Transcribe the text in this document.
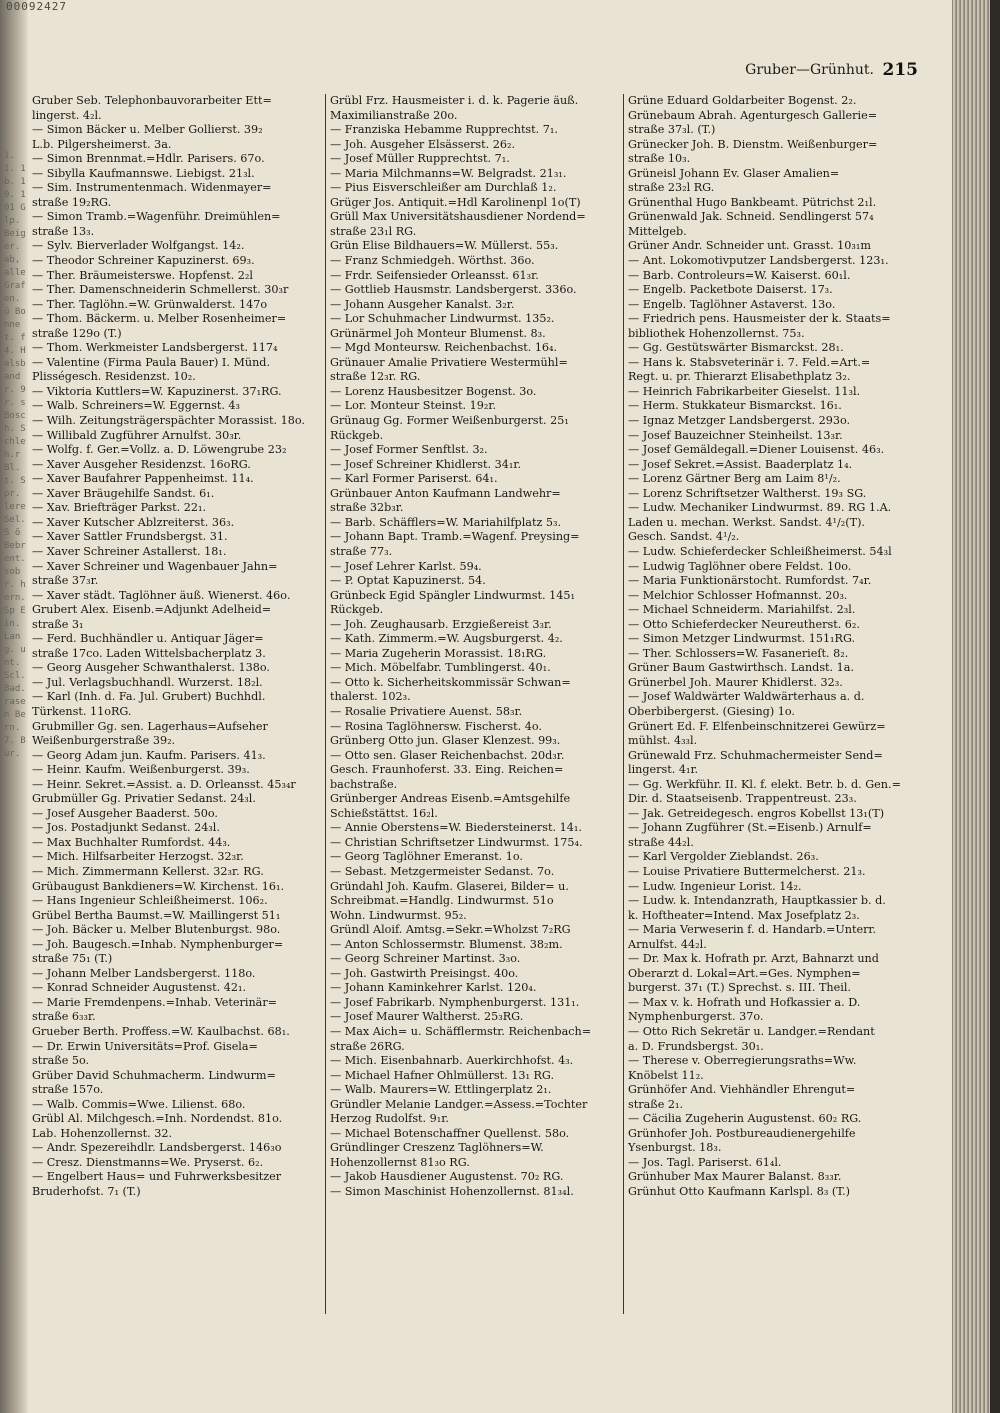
1. 1. 1b. 10. 101 Glp. Beiger. ab, alle Grafen. ü Bonnet. f 4. Halsbandr. 9r. s Bosch. Schleh.r Bl.t. Spr. lere Sel. S ö Bebrent. sobr. hern. Sp Ein. Lang. unt. Scl. Bad. rasen Bern. 7. Bur.
00092427
Gruber—Grünhut. 215
Gruber Seb. Telephonbauvorarbeiter Ett=
lingerst. 4₂l.
— Simon Bäcker u. Melber Gollierst. 39₂
L.b. Pilgersheimerst. 3a.
— Simon Brennmat.=Hdlr. Parisers. 67o.
— Sibylla Kaufmannswe. Liebigst. 21₃l.
— Sim. Instrumentenmach. Widenmayer=
straße 19₂RG.
— Simon Tramb.=Wagenführ. Dreimühlen=
straße 13₃.
— Sylv. Bierverlader Wolfgangst. 14₂.
— Theodor Schreiner Kapuzinerst. 69₃.
— Ther. Bräumeisterswe. Hopfenst. 2₂l
— Ther. Damenschneiderin Schmellerst. 30₃r
— Ther. Taglöhn.=W. Grünwalderst. 147o
— Thom. Bäckerm. u. Melber Rosenheimer=
straße 129o (T.)
— Thom. Werkmeister Landsbergerst. 117₄
— Valentine (Firma Paula Bauer) I. Münd.
Plisségesch. Residenzst. 10₂.
— Viktoria Kuttlers=W. Kapuzinerst. 37₁RG.
— Walb. Schreiners=W. Eggernst. 4₃
— Wilh. Zeitungsträgerspächter Morassist. 18o.
— Willibald Zugführer Arnulfst. 30₃r.
— Wolfg. f. Ger.=Vollz. a. D. Löwengrube 23₂
— Xaver Ausgeher Residenzst. 16oRG.
— Xaver Baufahrer Pappenheimst. 11₄.
— Xaver Bräugehilfe Sandst. 6₁.
— Xav. Briefträger Parkst. 22₁.
— Xaver Kutscher Ablzreiterst. 36₃.
— Xaver Sattler Frundsbergst. 31.
— Xaver Schreiner Astallerst. 18₁.
— Xaver Schreiner und Wagenbauer Jahn=
straße 37₃r.
— Xaver städt. Taglöhner äuß. Wienerst. 46o.
Grubert Alex. Eisenb.=Adjunkt Adelheid=
straße 3₁
— Ferd. Buchhändler u. Antiquar Jäger=
straße 17co. Laden Wittelsbacherplatz 3.
— Georg Ausgeher Schwanthalerst. 138o.
— Jul. Verlagsbuchhandl. Wurzerst. 18₂l.
— Karl (Inh. d. Fa. Jul. Grubert) Buchhdl.
Türkenst. 11oRG.
Grubmiller Gg. sen. Lagerhaus=Aufseher
Weißenburgerstraße 39₂.
— Georg Adam jun. Kaufm. Parisers. 41₃.
— Heinr. Kaufm. Weißenburgerst. 39₃.
— Heinr. Sekret.=Assist. a. D. Orleansst. 45₃₄r
Grubmüller Gg. Privatier Sedanst. 24₃l.
— Josef Ausgeher Baaderst. 50o.
— Jos. Postadjunkt Sedanst. 24₃l.
— Max Buchhalter Rumfordst. 44₃.
— Mich. Hilfsarbeiter Herzogst. 32₃r.
— Mich. Zimmermann Kellerst. 32₃r. RG.
Grübaugust Bankdieners=W. Kirchenst. 16₁.
— Hans Ingenieur Schleißheimerst. 106₂.
Grübel Bertha Baumst.=W. Maillingerst 51₁
— Joh. Bäcker u. Melber Blutenburgst. 98o.
— Joh. Baugesch.=Inhab. Nymphenburger=
straße 75₁ (T.)
— Johann Melber Landsbergerst. 118o.
— Konrad Schneider Augustenst. 42₁.
— Marie Fremdenpens.=Inhab. Veterinär=
straße 6₃₃r.
Grueber Berth. Proffess.=W. Kaulbachst. 68₁.
— Dr. Erwin Universitäts=Prof. Gisela=
straße 5o.
Grüber David Schuhmacherm. Lindwurm=
straße 157o.
— Walb. Commis=Wwe. Lilienst. 68o.
Grübl Al. Milchgesch.=Inh. Nordendst. 81o.
Lab. Hohenzollernst. 32.
— Andr. Spezereihdlr. Landsbergerst. 146₃o
— Cresz. Dienstmanns=We. Pryserst. 6₂.
— Engelbert Haus= und Fuhrwerksbesitzer
Bruderhofst. 7₁ (T.)
Grübl Frz. Hausmeister i. d. k. Pagerie äuß.
Maximilianstraße 20o.
— Franziska Hebamme Rupprechtst. 7₁.
— Joh. Ausgeher Elsässerst. 26₂.
— Josef Müller Rupprechtst. 7₁.
— Maria Milchmanns=W. Belgradst. 21₃₁.
— Pius Eisverschleißer am Durchlaß 1₂.
Grüger Jos. Antiquit.=Hdl Karolinenpl 1o(T)
Grüll Max Universitätshausdiener Nordend=
straße 23₁l RG.
Grün Elise Bildhauers=W. Müllerst. 55₃.
— Franz Schmiedgeh. Wörthst. 36o.
— Frdr. Seifensieder Orleansst. 61₃r.
— Gottlieb Hausmstr. Landsbergerst. 336o.
— Johann Ausgeher Kanalst. 3₂r.
— Lor Schuhmacher Lindwurmst. 135₂.
Grünärmel Joh Monteur Blumenst. 8₃.
— Mgd Monteursw. Reichenbachst. 16₄.
Grünauer Amalie Privatiere Westermühl=
straße 12₃r. RG.
— Lorenz Hausbesitzer Bogenst. 3o.
— Lor. Monteur Steinst. 19₂r.
Grünaug Gg. Former Weißenburgerst. 25₁
Rückgeb.
— Josef Former Senftlst. 3₂.
— Josef Schreiner Khidlerst. 34₁r.
— Karl Former Pariserst. 64₁.
Grünbauer Anton Kaufmann Landwehr=
straße 32b₃r.
— Barb. Schäfflers=W. Mariahilfplatz 5₃.
— Johann Bapt. Tramb.=Wagenf. Preysing=
straße 77₃.
— Josef Lehrer Karlst. 59₄.
— P. Optat Kapuzinerst. 54.
Grünbeck Egid Spängler Lindwurmst. 145₁
Rückgeb.
— Joh. Zeughausarb. Erzgießereist 3₃r.
— Kath. Zimmerm.=W. Augsburgerst. 4₂.
— Maria Zugeherin Morassist. 18₁RG.
— Mich. Möbelfabr. Tumblingerst. 40₁.
— Otto k. Sicherheitskommissär Schwan=
thalerst. 102₃.
— Rosalie Privatiere Auenst. 58₃r.
— Rosina Taglöhnersw. Fischerst. 4o.
Grünberg Otto jun. Glaser Klenzest. 99₃.
— Otto sen. Glaser Reichenbachst. 20d₃r.
Gesch. Fraunhoferst. 33. Eing. Reichen=
bachstraße.
Grünberger Andreas Eisenb.=Amtsgehilfe
Schießstättst. 16₂l.
— Annie Oberstens=W. Biedersteinerst. 14₁.
— Christian Schriftsetzer Lindwurmst. 175₄.
— Georg Taglöhner Emeranst. 1o.
— Sebast. Metzgermeister Sedanst. 7o.
Gründahl Joh. Kaufm. Glaserei, Bilder= u.
Schreibmat.=Handlg. Lindwurmst. 51o
Wohn. Lindwurmst. 95₂.
Gründl Aloif. Amtsg.=Sekr.=Wholzst 7₂RG
— Anton Schlossermstr. Blumenst. 38₂m.
— Georg Schreiner Martinst. 3₃o.
— Joh. Gastwirth Preisingst. 40o.
— Johann Kaminkehrer Karlst. 120₄.
— Josef Fabrikarb. Nymphenburgerst. 131₁.
— Josef Maurer Waltherst. 25₃RG.
— Max Aich= u. Schäfflermstr. Reichenbach=
straße 26RG.
— Mich. Eisenbahnarb. Auerkirchhofst. 4₃.
— Michael Hafner Ohlmüllerst. 13₁ RG.
— Walb. Maurers=W. Ettlingerplatz 2₁.
Gründler Melanie Landger.=Assess.=Tochter
Herzog Rudolfst. 9₁r.
— Michael Botenschaffner Quellenst. 58o.
Gründlinger Creszenz Taglöhners=W.
Hohenzollernst 81₃o RG.
— Jakob Hausdiener Augustenst. 70₂ RG.
— Simon Maschinist Hohenzollernst. 81₃₄l.
Grüne Eduard Goldarbeiter Bogenst. 2₂.
Grünebaum Abrah. Agenturgesch Gallerie=
straße 37₃l. (T.)
Grünecker Joh. B. Dienstm. Weißenburger=
straße 10₃.
Grüneisl Johann Ev. Glaser Amalien=
straße 23₂l RG.
Grünenthal Hugo Bankbeamt. Pütrichst 2₁l.
Grünenwald Jak. Schneid. Sendlingerst 57₄
Mittelgeb.
Grüner Andr. Schneider unt. Grasst. 10₃₁m
— Ant. Lokomotivputzer Landsbergerst. 123₁.
— Barb. Controleurs=W. Kaiserst. 60₁l.
— Engelb. Packetbote Daiserst. 17₃.
— Engelb. Taglöhner Astaverst. 13o.
— Friedrich pens. Hausmeister der k. Staats=
bibliothek Hohenzollernst. 75₃.
— Gg. Gestütswärter Bismarckst. 28₁.
— Hans k. Stabsveterinär i. 7. Feld.=Art.=
Regt. u. pr. Thierarzt Elisabethplatz 3₂.
— Heinrich Fabrikarbeiter Gieselst. 11₃l.
— Herm. Stukkateur Bismarckst. 16₁.
— Ignaz Metzger Landsbergerst. 293o.
— Josef Bauzeichner Steinheilst. 13₃r.
— Josef Gemäldegall.=Diener Louisenst. 46₃.
— Josef Sekret.=Assist. Baaderplatz 1₄.
— Lorenz Gärtner Berg am Laim 8¹/₂.
— Lorenz Schriftsetzer Waltherst. 19₃ SG.
— Ludw. Mechaniker Lindwurmst. 89. RG 1.A.
Laden u. mechan. Werkst. Sandst. 4¹/₂(T).
Gesch. Sandst. 4¹/₂.
— Ludw. Schieferdecker Schleißheimerst. 54₃l
— Ludwig Taglöhner obere Feldst. 10o.
— Maria Funktionärstocht. Rumfordst. 7₄r.
— Melchior Schlosser Hofmannst. 20₃.
— Michael Schneiderm. Mariahilfst. 2₃l.
— Otto Schieferdecker Neureutherst. 6₂.
— Simon Metzger Lindwurmst. 151₁RG.
— Ther. Schlossers=W. Fasanerieſt. 8₂.
Grüner Baum Gastwirthsch. Landst. 1a.
Grünerbel Joh. Maurer Khidlerst. 32₃.
— Josef Waldwärter Waldwärterhaus a. d.
Oberbibergerst. (Giesing) 1o.
Grünert Ed. F. Elfenbeinschnitzerei Gewürz=
mühlst. 4₃₃l.
Grünewald Frz. Schuhmachermeister Send=
lingerst. 4₁r.
— Gg. Werkführ. II. Kl. f. elekt. Betr. b. d. Gen.=
Dir. d. Staatseisenb. Trappentreust. 23₃.
— Jak. Getreidegesch. engros Kobellst 13₁(T)
— Johann Zugführer (St.=Eisenb.) Arnulf=
straße 44₂l.
— Karl Vergolder Zieblandst. 26₃.
— Louise Privatiere Buttermelcherst. 21₃.
— Ludw. Ingenieur Lorist. 14₂.
— Ludw. k. Intendanzrath, Hauptkassier b. d.
k. Hoftheater=Intend. Max Josefplatz 2₃.
— Maria Verweserin f. d. Handarb.=Unterr.
Arnulfst. 44₂l.
— Dr. Max k. Hofrath pr. Arzt, Bahnarzt und
Oberarzt d. Lokal=Art.=Ges. Nymphen=
burgerst. 37₁ (T.) Sprechst. s. III. Theil.
— Max v. k. Hofrath und Hofkassier a. D.
Nymphenburgerst. 37o.
— Otto Rich Sekretär u. Landger.=Rendant
a. D. Frundsbergst. 30₁.
— Therese v. Oberregierungsraths=Ww.
Knöbelst 11₂.
Grünhöfer And. Viehhändler Ehrengut=
straße 2₁.
— Cäcilia Zugeherin Augustenst. 60₂ RG.
Grünhofer Joh. Postbureaudienergehilfe
Ysenburgst. 18₃.
— Jos. Tagl. Pariserst. 61₄l.
Grünhuber Max Maurer Balanst. 8₃₃r.
Grünhut Otto Kaufmann Karlspl. 8₃ (T.)
